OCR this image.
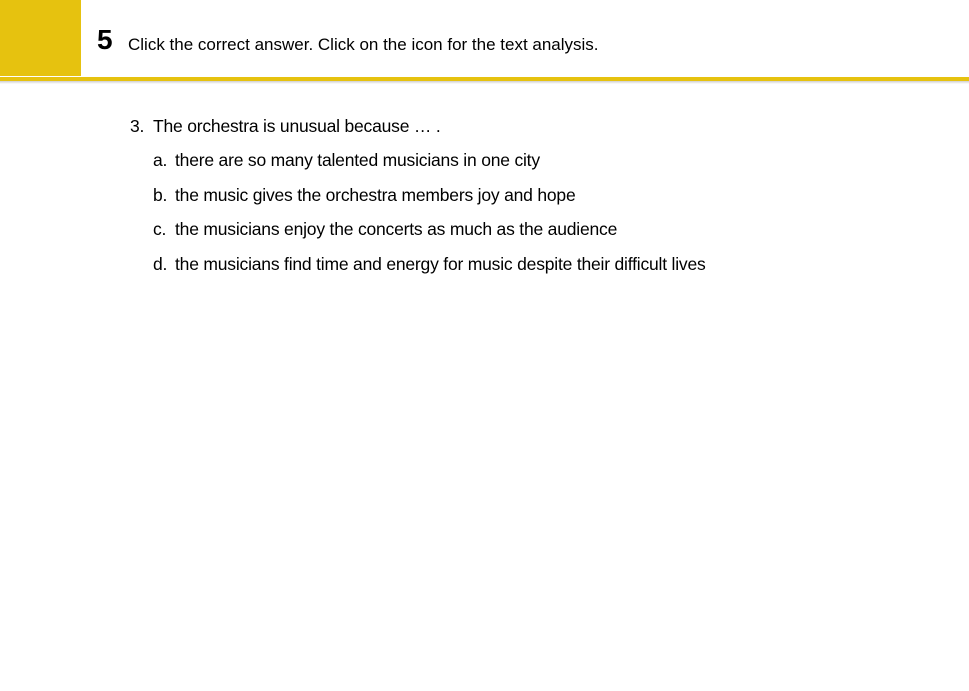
5 Click the correct answer. Click on the icon for the text analysis.
3. The orchestra is unusual because … .
a. there are so many talented musicians in one city
b. the music gives the orchestra members joy and hope
c. the musicians enjoy the concerts as much as the audience
d. the musicians find time and energy for music despite their difficult lives
